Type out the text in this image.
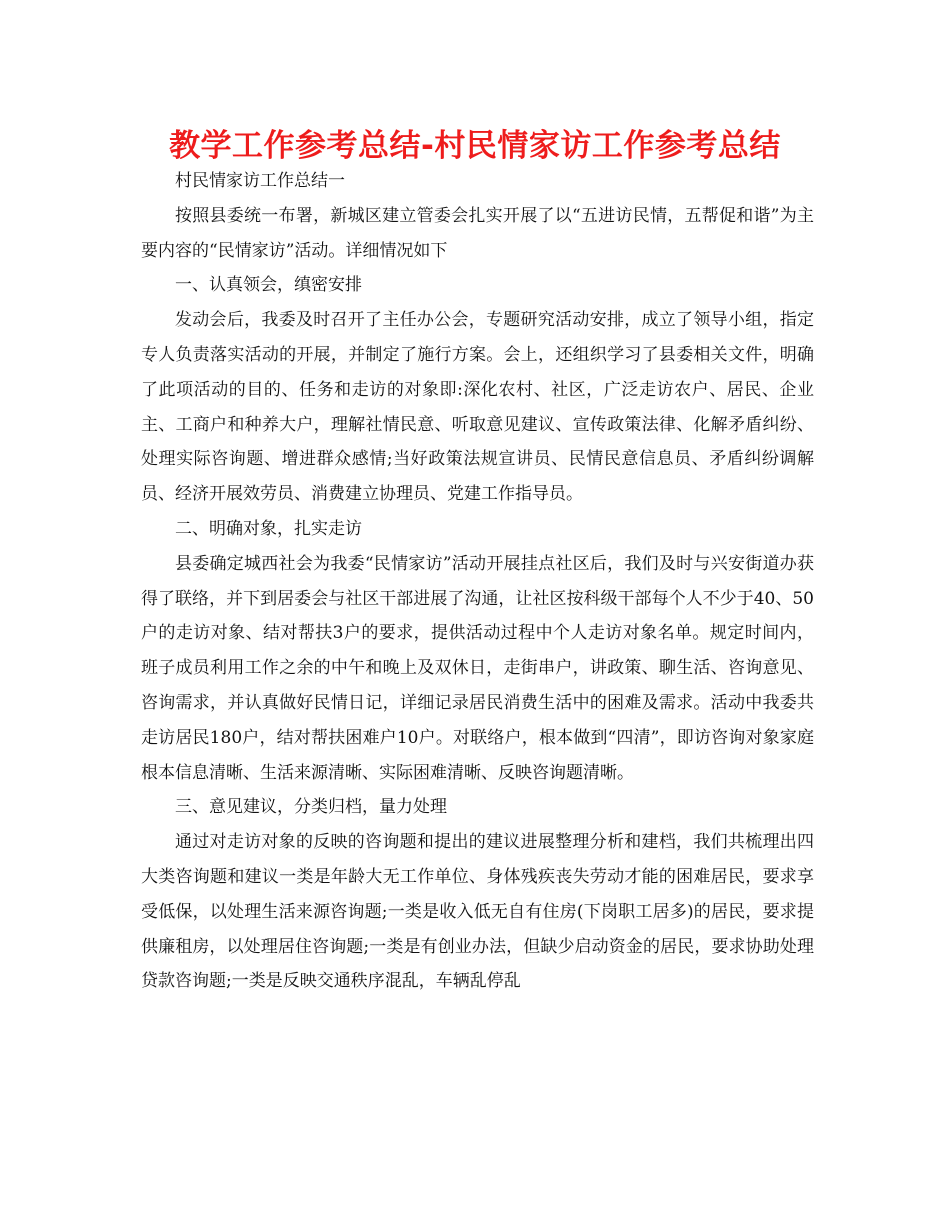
教学工作参考总结-村民情家访工作参考总结

村民情家访工作总结一

按照县委统一布署，新城区建立管委会扎实开展了以“五进访民情，五帮促和谐”为主要内容的“民情家访”活动。详细情况如下

一、认真领会，缜密安排

发动会后，我委及时召开了主任办公会，专题研究活动安排，成立了领导小组，指定专人负责落实活动的开展，并制定了施行方案。会上，还组织学习了县委相关文件，明确了此项活动的目的、任务和走访的对象即:深化农村、社区，广泛走访农户、居民、企业主、工商户和种养大户，理解社情民意、听取意见建议、宣传政策法律、化解矛盾纠纷、处理实际咨询题、增进群众感情;当好政策法规宣讲员、民情民意信息员、矛盾纠纷调解员、经济开展效劳员、消费建立协理员、党建工作指导员。

二、明确对象，扎实走访

县委确定城西社会为我委“民情家访”活动开展挂点社区后，我们及时与兴安街道办获得了联络，并下到居委会与社区干部进展了沟通，让社区按科级干部每个人不少于40、50户的走访对象、结对帮扶3户的要求，提供活动过程中个人走访对象名单。规定时间内，班子成员利用工作之余的中午和晚上及双休日，走街串户，讲政策、聊生活、咨询意见、咨询需求，并认真做好民情日记，详细记录居民消费生活中的困难及需求。活动中我委共走访居民180户，结对帮扶困难户10户。对联络户，根本做到“四清”，即访咨询对象家庭根本信息清晰、生活来源清晰、实际困难清晰、反映咨询题清晰。

三、意见建议，分类归档，量力处理

通过对走访对象的反映的咨询题和提出的建议进展整理分析和建档，我们共梳理出四大类咨询题和建议一类是年龄大无工作单位、身体残疾丧失劳动才能的困难居民，要求享受低保，以处理生活来源咨询题;一类是收入低无自有住房(下岗职工居多)的居民，要求提供廉租房，以处理居住咨询题;一类是有创业办法，但缺少启动资金的居民，要求协助处理贷款咨询题;一类是反映交通秩序混乱，车辆乱停乱
